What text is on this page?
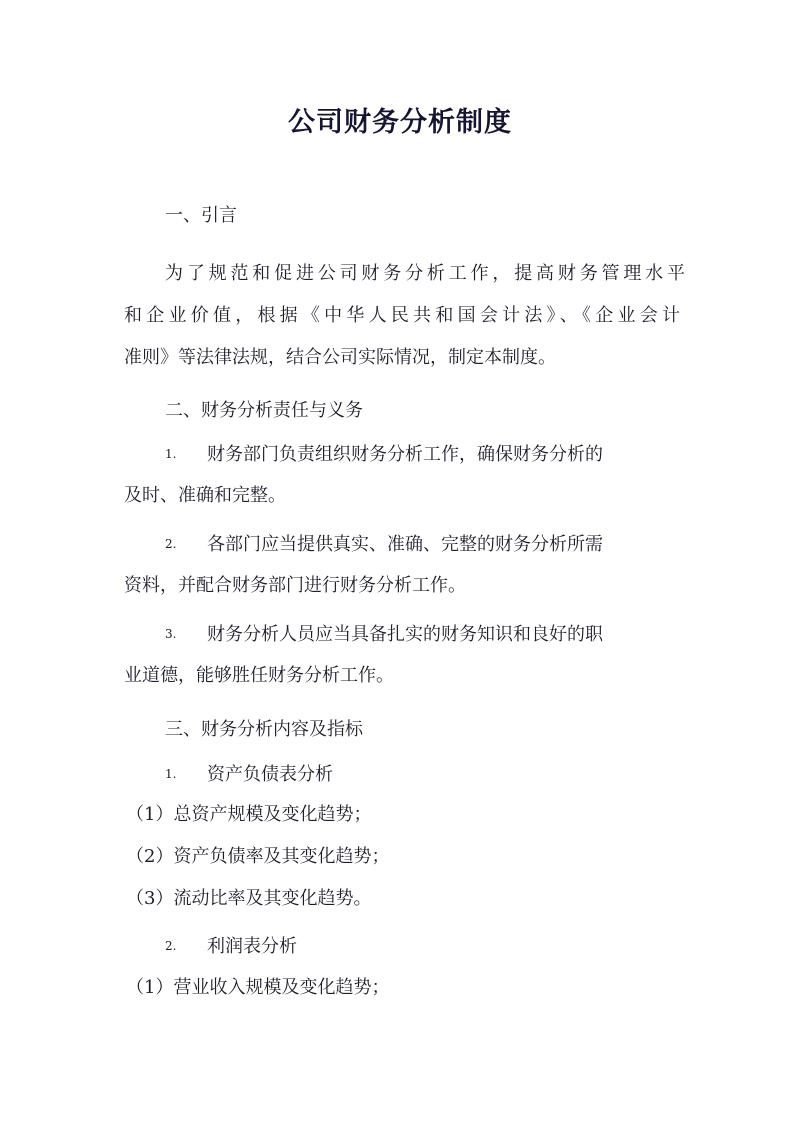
公司财务分析制度
一、引言
为了规范和促进公司财务分析工作，提高财务管理水平
和企业价值，根据《中华人民共和国会计法》、《企业会计
准则》等法律法规，结合公司实际情况，制定本制度。
二、财务分析责任与义务
1. 财务部门负责组织财务分析工作，确保财务分析的
及时、准确和完整。
2. 各部门应当提供真实、准确、完整的财务分析所需
资料，并配合财务部门进行财务分析工作。
3. 财务分析人员应当具备扎实的财务知识和良好的职
业道德，能够胜任财务分析工作。
三、财务分析内容及指标
1. 资产负债表分析
（1）总资产规模及变化趋势；
（2）资产负债率及其变化趋势；
（3）流动比率及其变化趋势。
2. 利润表分析
（1）营业收入规模及变化趋势；
